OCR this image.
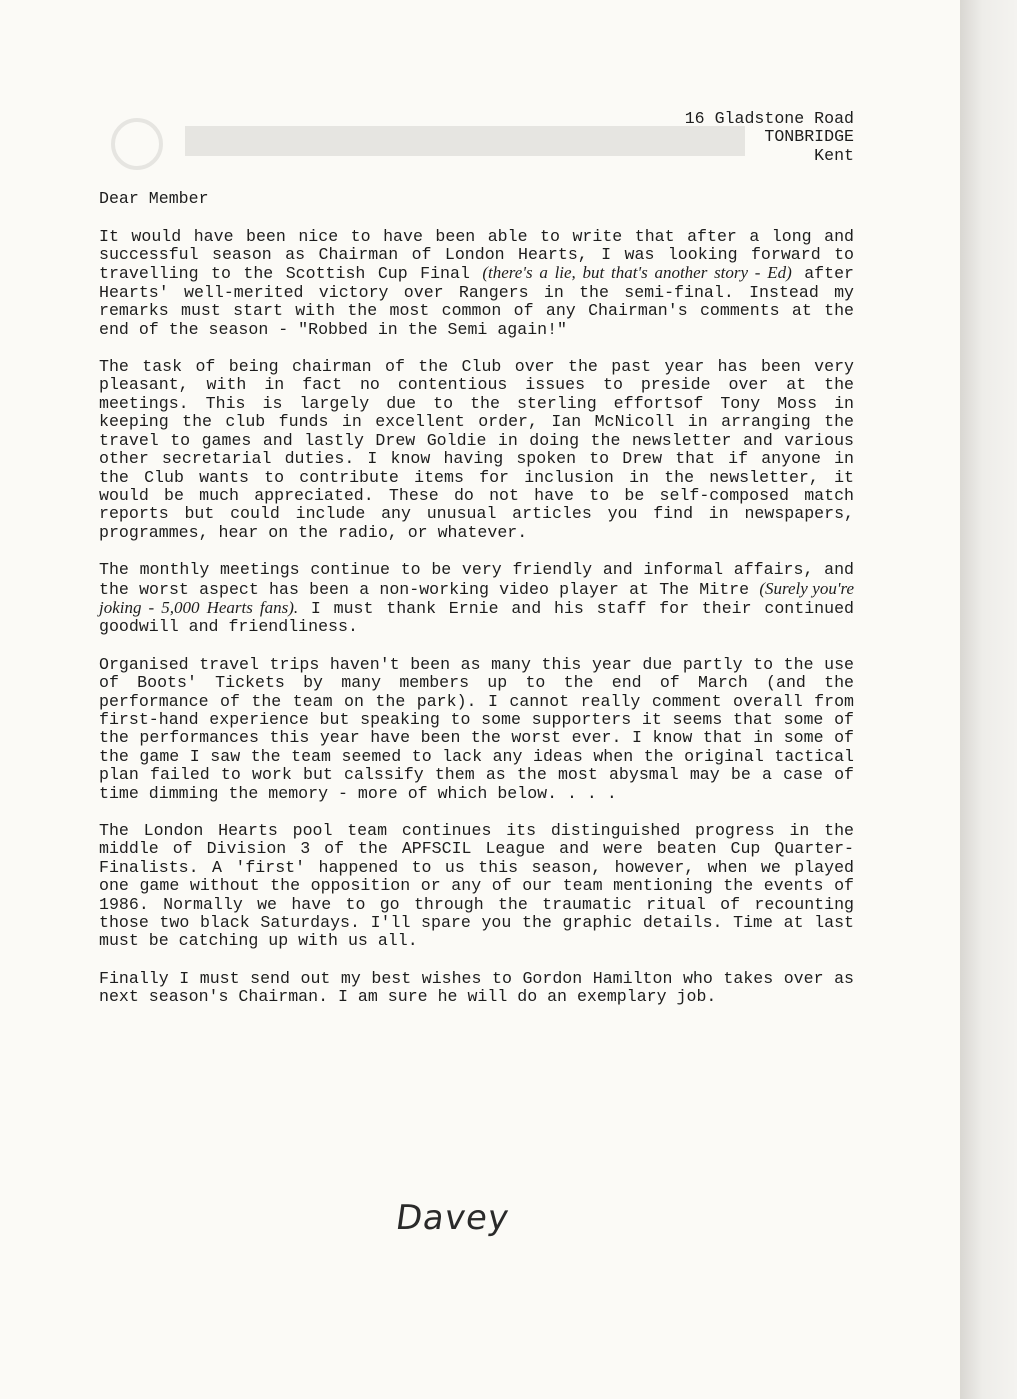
16 Gladstone Road
TONBRIDGE
Kent
Dear Member

It would have been nice to have been able to write that after a long and successful season as Chairman of London Hearts, I was looking forward to travelling to the Scottish Cup Final (there's a lie, but that's another story - Ed) after Hearts' well-merited victory over Rangers in the semi-final. Instead my remarks must start with the most common of any Chairman's comments at the end of the season - "Robbed in the Semi again!"

The task of being chairman of the Club over the past year has been very pleasant, with in fact no contentious issues to preside over at the meetings. This is largely due to the sterling effortsof Tony Moss in keeping the club funds in excellent order, Ian McNicoll in arranging the travel to games and lastly Drew Goldie in doing the newsletter and various other secretarial duties. I know having spoken to Drew that if anyone in the Club wants to contribute items for inclusion in the newsletter, it would be much appreciated. These do not have to be self-composed match reports but could include any unusual articles you find in newspapers, programmes, hear on the radio, or whatever.

The monthly meetings continue to be very friendly and informal affairs, and the worst aspect has been a non-working video player at The Mitre (Surely you're joking - 5,000 Hearts fans). I must thank Ernie and his staff for their continued goodwill and friendliness.

Organised travel trips haven't been as many this year due partly to the use of Boots' Tickets by many members up to the end of March (and the performance of the team on the park). I cannot really comment overall from first-hand experience but speaking to some supporters it seems that some of the performances this year have been the worst ever. I know that in some of the game I saw the team seemed to lack any ideas when the original tactical plan failed to work but calssify them as the most abysmal may be a case of time dimming the memory - more of which below. . . .

The London Hearts pool team continues its distinguished progress in the middle of Division 3 of the APFSCIL League and were beaten Cup Quarter-Finalists. A 'first' happened to us this season, however, when we played one game without the opposition or any of our team mentioning the events of 1986. Normally we have to go through the traumatic ritual of recounting those two black Saturdays. I'll spare you the graphic details. Time at last must be catching up with us all.

Finally I must send out my best wishes to Gordon Hamilton who takes over as next season's Chairman. I am sure he will do an exemplary job.

Davey
